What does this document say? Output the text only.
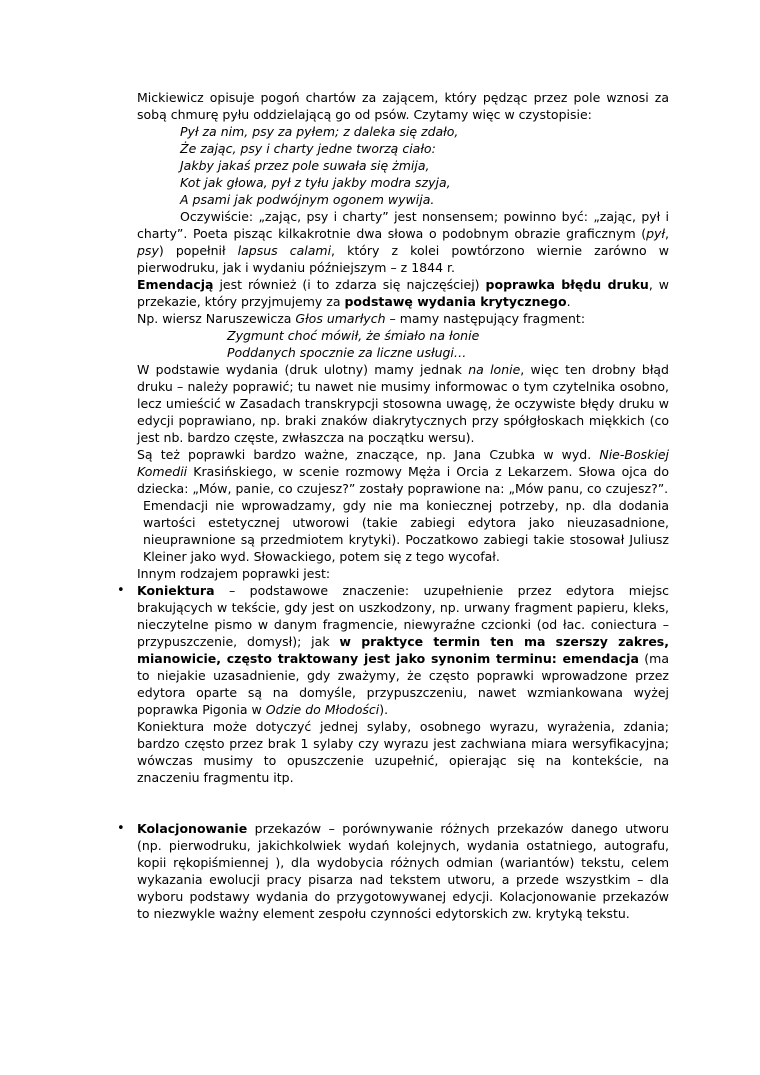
Mickiewicz opisuje pogoń chartów za zającem, który pędząc przez pole wznosi za sobą chmurę pyłu oddzielającą go od psów. Czytamy więc w czystopisie:

Pył za nim, psy za pyłem; z daleka się zdało,

Że zając, psy i charty jedne tworzą ciało:

Jakby jakaś przez pole suwała się żmija,

Kot jak głowa, pył z tyłu jakby modra szyja,

A psami jak podwójnym ogonem wywija.

Oczywiście: „zając, psy i charty” jest nonsensem; powinno być: „zając, pył i charty”. Poeta pisząc kilkakrotnie dwa słowa o podobnym obrazie graficznym (pył, psy) popełnił lapsus calami, który z kolei powtórzono wiernie zarówno w pierwodruku, jak i wydaniu późniejszym – z 1844 r.

Emendacją jest również (i to zdarza się najczęściej) poprawka błędu druku, w przekazie, który przyjmujemy za podstawę wydania krytycznego.

Np. wiersz Naruszewicza Głos umarłych – mamy następujący fragment:

Zygmunt choć mówił, że śmiało na łonie

Poddanych spocznie za liczne usługi…

W podstawie wydania (druk ulotny) mamy jednak na lonie, więc ten drobny błąd druku – należy poprawić; tu nawet nie musimy informowac o tym czytelnika osobno, lecz umieścić w Zasadach transkrypcji stosowna uwagę, że oczywiste błędy druku w edycji poprawiano, np. braki znaków diakrytycznych przy spółgłoskach miękkich (co jest nb. bardzo częste, zwłaszcza na początku wersu).

Są też poprawki bardzo ważne, znaczące, np. Jana Czubka w wyd. Nie-Boskiej Komedii Krasińskiego, w scenie rozmowy Męża i Orcia z Lekarzem. Słowa ojca do dziecka: „Mów, panie, co czujesz?” zostały poprawione na: „Mów panu, co czujesz?”.

Emendacji nie wprowadzamy, gdy nie ma koniecznej potrzeby, np. dla dodania wartości estetycznej utworowi (takie zabiegi edytora jako nieuzasadnione, nieuprawnione są przedmiotem krytyki). Poczatkowo zabiegi takie stosował Juliusz Kleiner jako wyd. Słowackiego, potem się z tego wycofał.

Innym rodzajem poprawki jest:

• Koniektura – podstawowe znaczenie: uzupełnienie przez edytora miejsc brakujących w tekście, gdy jest on uszkodzony, np. urwany fragment papieru, kleks, nieczytelne pismo w danym fragmencie, niewyraźne czcionki (od łac. coniectura – przypuszczenie, domysł); jak w praktyce termin ten ma szerszy zakres, mianowicie, często traktowany jest jako synonim terminu: emendacja (ma to niejakie uzasadnienie, gdy zważymy, że często poprawki wprowadzone przez edytora oparte są na domyśle, przypuszczeniu, nawet wzmiankowana wyżej poprawka Pigonia w Odzie do Młodości).

Koniektura może dotyczyć jednej sylaby, osobnego wyrazu, wyrażenia, zdania; bardzo często przez brak 1 sylaby czy wyrazu jest zachwiana miara wersyfikacyjna; wówczas musimy to opuszczenie uzupełnić, opierając się na kontekście, na znaczeniu fragmentu itp.

• Kolacjonowanie przekazów – porównywanie różnych przekazów danego utworu (np. pierwodruku, jakichkolwiek wydań kolejnych, wydania ostatniego, autografu, kopii rękopiśmiennej ), dla wydobycia różnych odmian (wariantów) tekstu, celem wykazania ewolucji pracy pisarza nad tekstem utworu, a przede wszystkim – dla wyboru podstawy wydania do przygotowywanej edycji. Kolacjonowanie przekazów to niezwykle ważny element zespołu czynności edytorskich zw. krytyką tekstu.
